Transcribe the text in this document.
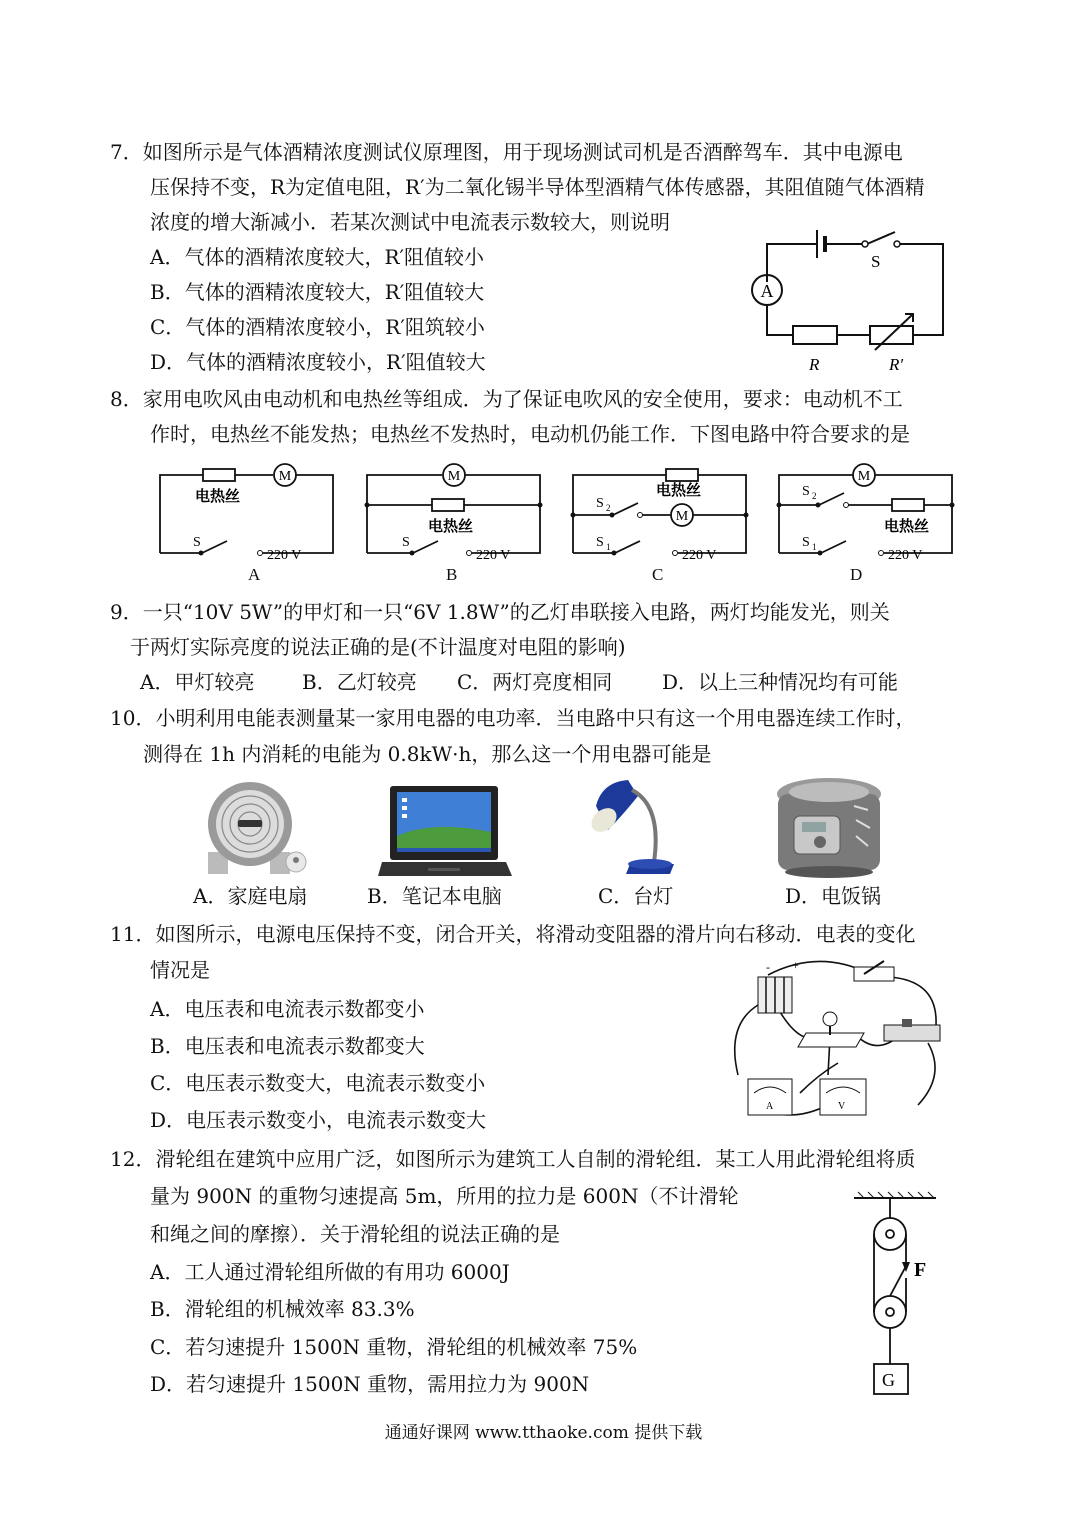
7．如图所示是气体酒精浓度测试仪原理图，用于现场测试司机是否酒醉驾车．其中电源电
压保持不变，R为定值电阻，R′为二氧化锡半导体型酒精气体传感器，其阻值随气体酒精
浓度的增大渐减小．若某次测试中电流表示数较大，则说明
A．气体的酒精浓度较大，R′阻值较小
B．气体的酒精浓度较大，R′阻值较大
C．气体的酒精浓度较小，R′阻筑较小
D．气体的酒精浓度较小，R′阻值较大
A
S
R	R′
8．家用电吹风由电动机和电热丝等组成．为了保证电吹风的安全使用，要求：电动机不工
作时，电热丝不能发热；电热丝不发热时，电动机仍能工作．下图电路中符合要求的是
M
电热丝
S
220 V
A
M
电热丝
S
220 V
B
M
电热丝
S 2
S 1
220 V
C
M
电热丝
S 2
S 1
220 V
D
9．一只“10V 5W”的甲灯和一只“6V 1.8W”的乙灯串联接入电路，两灯均能发光，则关
于两灯实际亮度的说法正确的是(不计温度对电阻的影响)
A．甲灯较亮 B．乙灯较亮 C．两灯亮度相同 D．以上三种情况均有可能
10．小明利用电能表测量某一家用电器的电功率．当电路中只有这一个用电器连续工作时，
测得在 1h 内消耗的电能为 0.8kW·h，那么这一个用电器可能是
A．家庭电扇	B．笔记本电脑	C．台灯	D．电饭锅
11．如图所示，电源电压保持不变，闭合开关，将滑动变阻器的滑片向右移动．电表的变化
情况是
A．电压表和电流表示数都变小
B．电压表和电流表示数都变大
C．电压表示数变大，电流表示数变小
D．电压表示数变小，电流表示数变大
- +
A	V
12．滑轮组在建筑中应用广泛，如图所示为建筑工人自制的滑轮组．某工人用此滑轮组将质
量为 900N 的重物匀速提高 5m，所用的拉力是 600N（不计滑轮
和绳之间的摩擦）．关于滑轮组的说法正确的是
A．工人通过滑轮组所做的有用功 6000J
B．滑轮组的机械效率 83.3%
C．若匀速提升 1500N 重物，滑轮组的机械效率 75%
D．若匀速提升 1500N 重物，需用拉力为 900N
F
G
通通好课网 www.tthaoke.com 提供下载
